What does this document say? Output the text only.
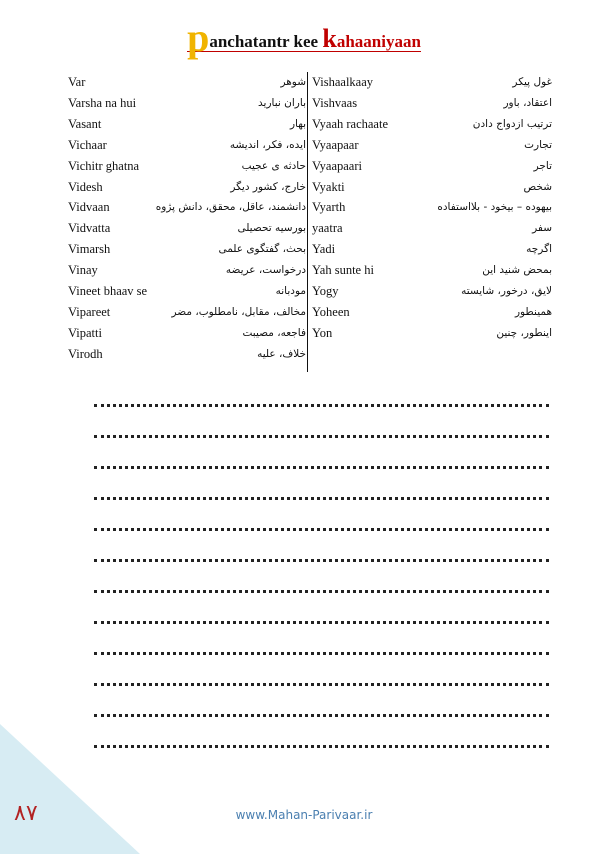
panchatantr kee kahaaniyaan
Var	شوهر
Varsha na hui	باران نبارید
Vasant	بهار
Vichaar	ایده، فکر، اندیشه
Vichitr ghatna	حادثه ی عجیب
Videsh	خارج، کشور دیگر
Vidvaan	دانشمند، عاقل، محقق، دانش پژوه
Vidvatta	بورسیه تحصیلی
Vimarsh	بحث، گفتگوی علمی
Vinay	درخواست، عریضه
Vineet bhaav se	مودبانه
Vipareet	مخالف، مقابل، نامطلوب، مضر
Vipatti	فاجعه، مصیبت
Virodh	خلاف، علیه
Vishaalkaay	غول پیکر
Vishvaas	اعتقاد، باور
Vyaah rachaate	ترتیب ازدواج دادن
Vyaapaar	تجارت
Vyaapaari	تاجر
Vyakti	شخص
Vyarth	بیهوده – بیخود - بلااستفاده
yaatra	سفر
Yadi	اگرچه
Yah sunte hi	بمحض شنید این
Yogy	لایق، درخور، شایسته
Yoheen	همینطور
Yon	اینطور، چنین
۸۷	www.Mahan-Parivaar.ir
